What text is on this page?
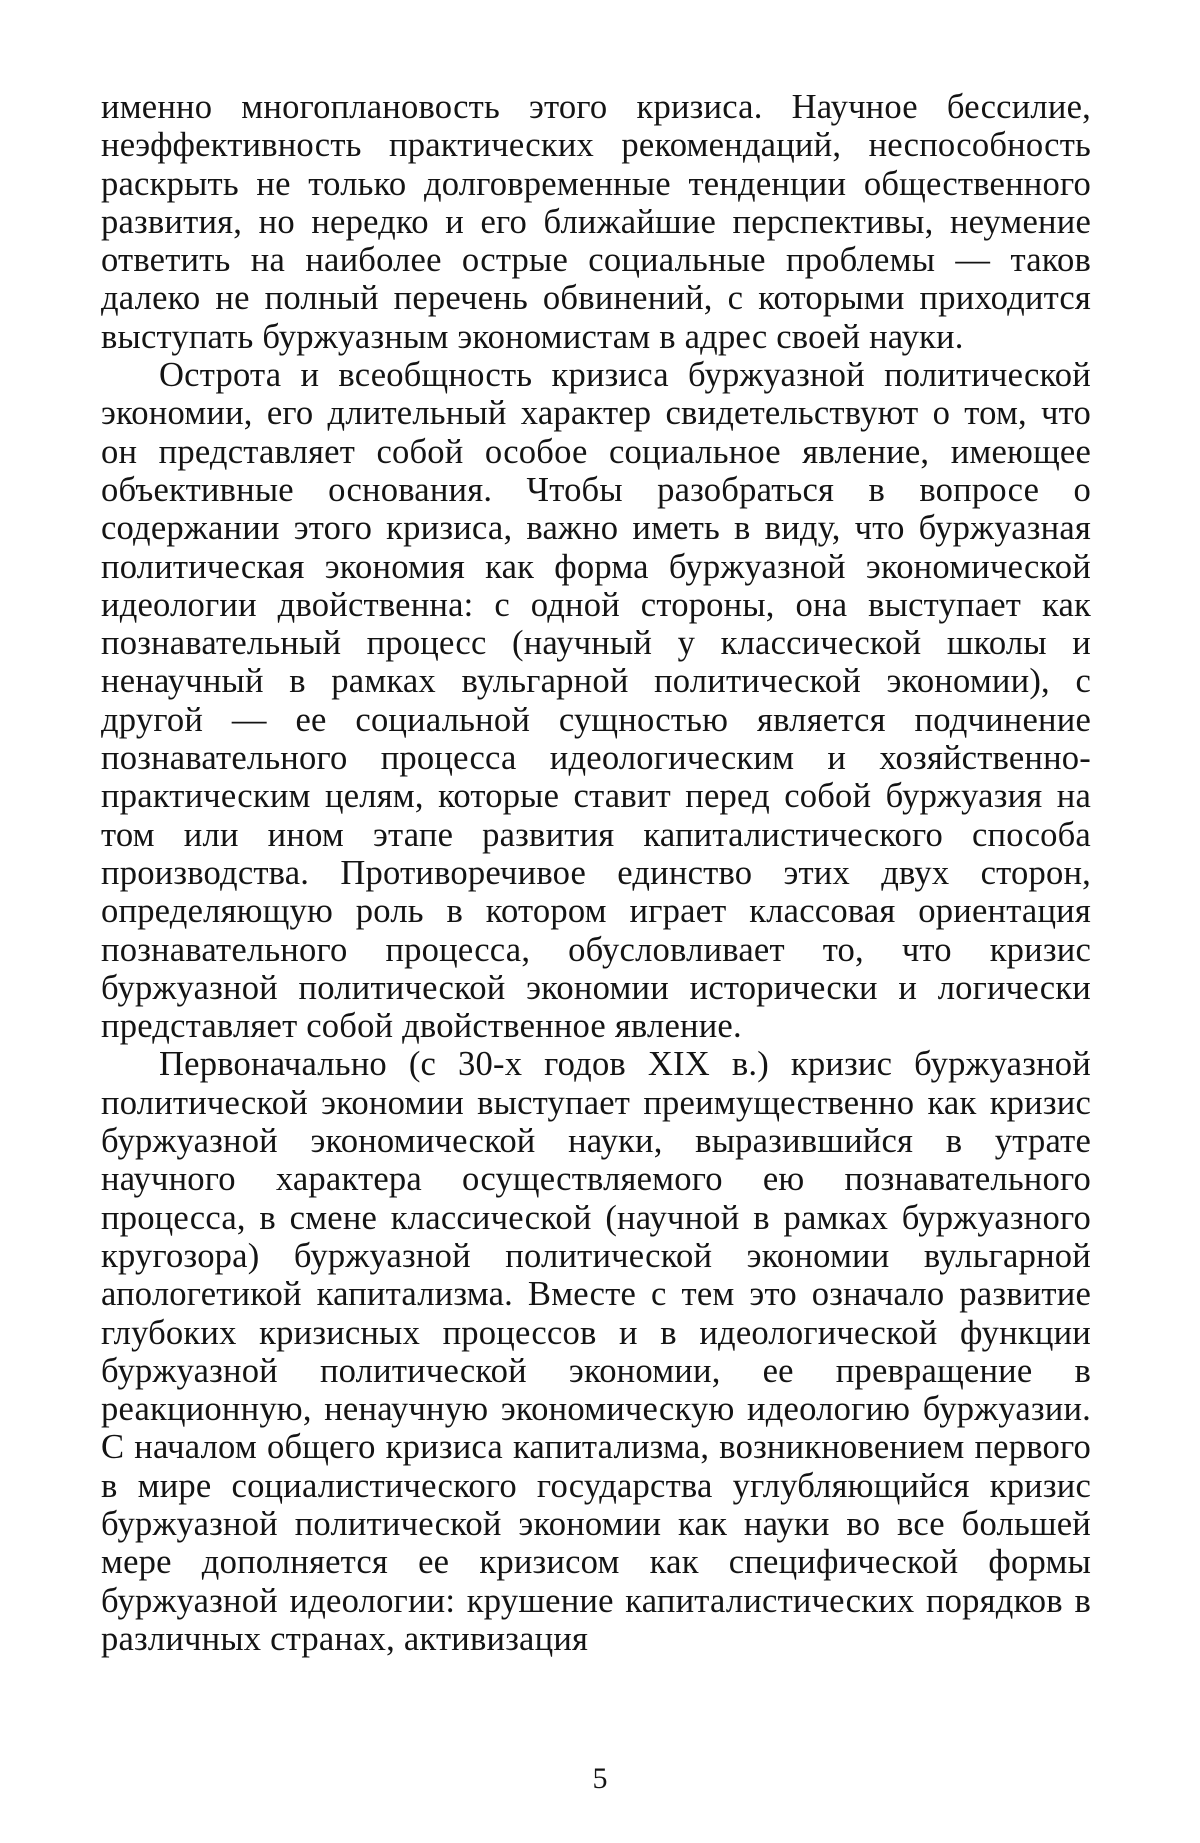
именно многоплановость этого кризиса. Научное бессилие, неэффективность практических рекомендаций, неспособность раскрыть не только долговременные тенденции общественного развития, но нередко и его ближайшие перспективы, неумение ответить на наиболее острые социальные проблемы — таков далеко не полный перечень обвинений, с которыми приходится выступать буржуазным экономистам в адрес своей науки.

Острота и всеобщность кризиса буржуазной политической экономии, его длительный характер свидетельствуют о том, что он представляет собой особое социальное явление, имеющее объективные основания. Чтобы разобраться в вопросе о содержании этого кризиса, важно иметь в виду, что буржуазная политическая экономия как форма буржуазной экономической идеологии двойственна: с одной стороны, она выступает как познавательный процесс (научный у классической школы и ненаучный в рамках вульгарной политической экономии), с другой — ее социальной сущностью является подчинение познавательного процесса идеологическим и хозяйственно-практическим целям, которые ставит перед собой буржуазия на том или ином этапе развития капиталистического способа производства. Противоречивое единство этих двух сторон, определяющую роль в котором играет классовая ориентация познавательного процесса, обусловливает то, что кризис буржуазной политической экономии исторически и логически представляет собой двойственное явление.

Первоначально (с 30-х годов XIX в.) кризис буржуазной политической экономии выступает преимущественно как кризис буржуазной экономической науки, выразившийся в утрате научного характера осуществляемого ею познавательного процесса, в смене классической (научной в рамках буржуазного кругозора) буржуазной политической экономии вульгарной апологетикой капитализма. Вместе с тем это означало развитие глубоких кризисных процессов и в идеологической функции буржуазной политической экономии, ее превращение в реакционную, ненаучную экономическую идеологию буржуазии. С началом общего кризиса капитализма, возникновением первого в мире социалистического государства углубляющийся кризис буржуазной политической экономии как науки во все большей мере дополняется ее кризисом как специфической формы буржуазной идеологии: крушение капиталистических порядков в различных странах, активизация

5
